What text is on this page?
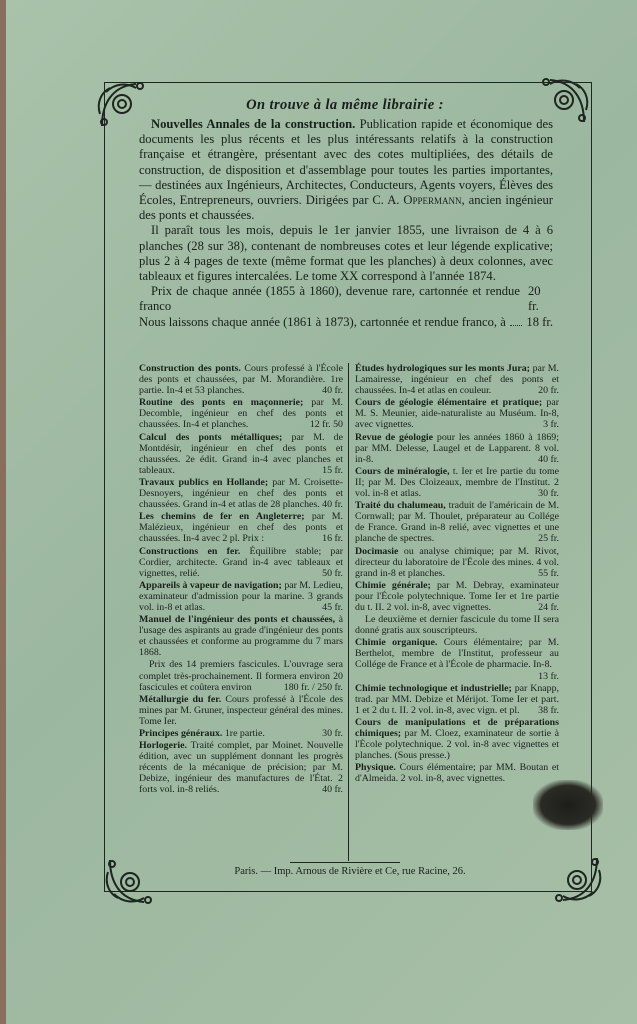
On trouve à la même librairie :

Nouvelles Annales de la construction. Publication rapide et économique des documents les plus récents et les plus intéressants relatifs à la construction française et étrangère, présentant avec des cotes multipliées, des détails de construction, de disposition et d'assemblage pour toutes les parties importantes, — destinées aux Ingénieurs, Architectes, Conducteurs, Agents voyers, Élèves des Écoles, Entrepreneurs, ouvriers. Dirigées par C. A. Oppermann, ancien ingénieur des ponts et chaussées.

Il paraît tous les mois, depuis le 1er janvier 1855, une livraison de 4 à 6 planches (28 sur 38), contenant de nombreuses cotes et leur légende explicative; plus 2 à 4 pages de texte (même format que les planches) à deux colonnes, avec tableaux et figures intercalées. Le tome XX correspond à l'année 1874.

Prix de chaque année (1855 à 1860), devenue rare, cartonnée et rendue franco
20 fr.
Nous laissons chaque année (1861 à 1873), cartonnée et rendue franco, à 18 fr.
Construction des ponts. Cours professé à l'École des ponts et chaussées, par M. Morandière. 1re partie. In-4 et 53 planches.	40 fr.
Routine des ponts en maçonnerie; par M. Decomble, ingénieur en chef des ponts et chaussées. In-4 et planches.	12 fr. 50
Calcul des ponts métalliques; par M. de Montdésir, ingénieur en chef des ponts et chaussées. 2e édit. Grand in-4 avec planches et tableaux.	15 fr.
Travaux publics en Hollande; par M. Croisette-Desnoyers, ingénieur en chef des ponts et chaussées. Grand in-4 et atlas de 28 planches. 40 fr.
Les chemins de fer en Angleterre; par M. Malézieux, ingénieur en chef des ponts et chaussées. In-4 avec 2 pl. Prix :	16 fr.
Constructions en fer. Équilibre stable; par Cordier, architecte. Grand in-4 avec tableaux et vignettes, relié.	50 fr.
Appareils à vapeur de navigation; par M. Ledieu, examinateur d'admission pour la marine. 3 grands vol. in-8 et atlas.	45 fr.
Manuel de l'ingénieur des ponts et chaussées, à l'usage des aspirants au grade d'ingénieur des ponts et chaussées et conforme au programme du 7 mars 1868.
Prix des 14 premiers fascicules. L'ouvrage sera complet très-prochainement. Il formera environ 20 fascicules et coûtera environ	180 fr. / 250 fr.
Métallurgie du fer. Cours professé à l'École des mines par M. Gruner, inspecteur général des mines. Tome Ier.
Principes généraux. 1re partie.	30 fr.
Horlogerie. Traité complet, par Moinet. Nouvelle édition, avec un supplément donnant les progrès récents de la mécanique de précision; par M. Debize, ingénieur des manufactures de l'État. 2 forts vol. in-8 reliés.	40 fr.
Études hydrologiques sur les monts Jura; par M. Lamairesse, ingénieur en chef des ponts et chaussées. In-4 et atlas en couleur.	20 fr.
Cours de géologie élémentaire et pratique; par M. S. Meunier, aide-naturaliste au Muséum. In-8, avec vignettes.	3 fr.
Revue de géologie pour les années 1860 à 1869; par MM. Delesse, Laugel et de Lapparent. 8 vol. in-8.	40 fr.
Cours de minéralogie, t. Ier et Ire partie du tome II; par M. Des Cloizeaux, membre de l'Institut. 2 vol. in-8 et atlas.	30 fr.
Traité du chalumeau, traduit de l'américain de M. Cornwall; par M. Thoulet, préparateur au Collége de France. Grand in-8 relié, avec vignettes et une planche de spectres.	25 fr.
Docimasie ou analyse chimique; par M. Rivot, directeur du laboratoire de l'École des mines. 4 vol. grand in-8 et planches.	55 fr.
Chimie générale; par M. Debray, examinateur pour l'École polytechnique. Tome Ier et 1re partie du t. II. 2 vol. in-8, avec vignettes.	24 fr.
Le deuxième et dernier fascicule du tome II sera donné gratis aux souscripteurs.
Chimie organique. Cours élémentaire; par M. Berthelot, membre de l'Institut, professeur au Collége de France et à l'École de pharmacie. In-8.
13 fr.
Chimie technologique et industrielle; par Knapp, trad. par MM. Debize et Mérijot. Tome Ier et part. 1 et 2 du t. II. 2 vol. in-8, avec vign. et pl. 38 fr.
Cours de manipulations et de préparations chimiques; par M. Cloez, examinateur de sortie à l'École polytechnique. 2 vol. in-8 avec vignettes et planches. (Sous presse.)
Physique. Cours élémentaire; par MM. Boutan et d'Almeida. 2 vol. in-8, avec vignettes.
Paris. — Imp. Arnous de Rivière et Ce, rue Racine, 26.
